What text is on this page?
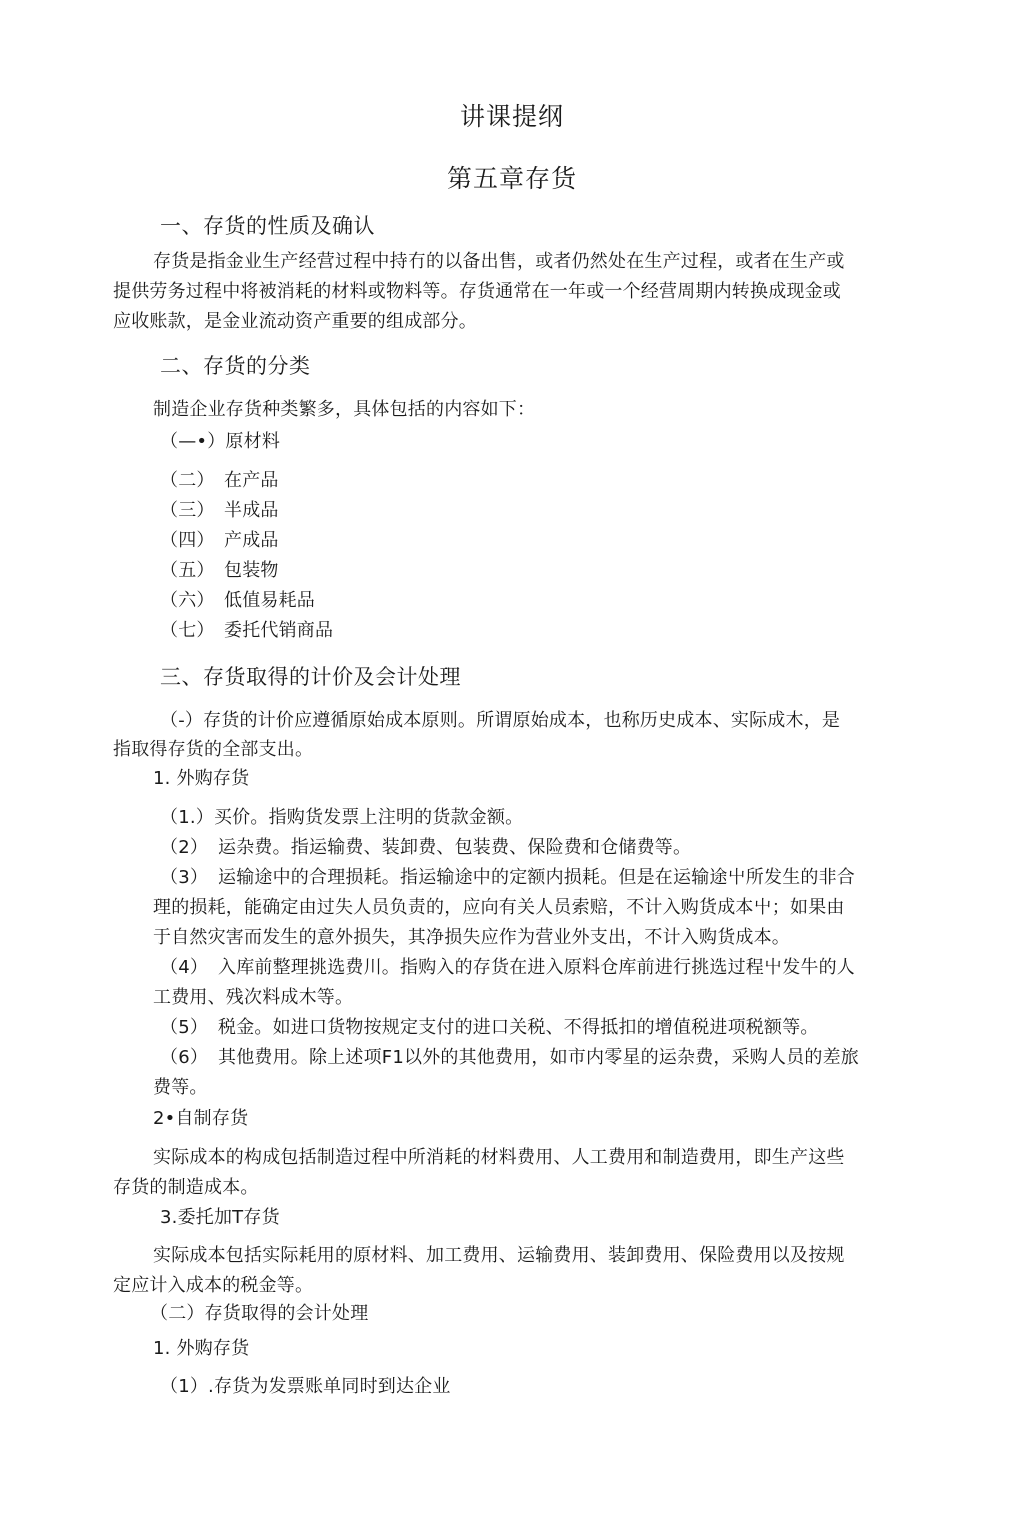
讲课提纲
第五章存货
一、存货的性质及确认
存货是指金业生产经营过程中持冇的以备出售，或者仍然处在生产过程，或者在生产或
提供劳务过程中将被消耗的材料或物料等。存货通常在一年或一个经营周期内转换成现金或
应收账款，是金业流动资产重要的组成部分。
二、存货的分类
制造企业存货种类繁多，具体包括的内容如下：
（—•）原材料
（二） 在产品
（三） 半成品
（四） 产成品
（五） 包装物
（六） 低值易耗品
（七） 委托代销商品
三、存货取得的计价及会计处理
（-）存货的计价应遵循原始成本原则。所谓原始成本，也称历史成本、实际成木，是
指取得存货的全部支出。
1. 外购存货
（1.）买价。指购货发票上注明的货款金额。
（2） 运杂费。指运输费、装卸费、包装费、保险费和仓储费等。
（3） 运输途中的合理损耗。指运输途中的定额内损耗。但是在运输途屮所发生的非合
理的损耗，能确定由过失人员负责的，应向有关人员索赔，不计入购货成本屮；如果由
于自然灾害而发生的意外损失，其净损失应作为营业外支出，不计入购货成本。
（4） 入库前整理挑选费川。指购入的存货在进入原料仓库前进行挑选过程屮发牛的人
工费用、残次料成木等。
（5） 税金。如进口货物按规定支付的进口关税、不得抵扣的增值税进项税额等。
（6） 其他费用。除上述项F1以外的其他费用，如市内零星的运杂费，采购人员的差旅
费等。
2•自制存货
实际成本的构成包括制造过程中所消耗的材料费用、人工费用和制造费用，即生产这些
存货的制造成本。
3.委托加T存货
实际成本包括实际耗用的原材料、加工费用、运输费用、装卸费用、保险费用以及按规
定应计入成本的税金等。
（二）存货取得的会计处理
1. 外购存货
（1）.存货为发票账单同时到达企业
